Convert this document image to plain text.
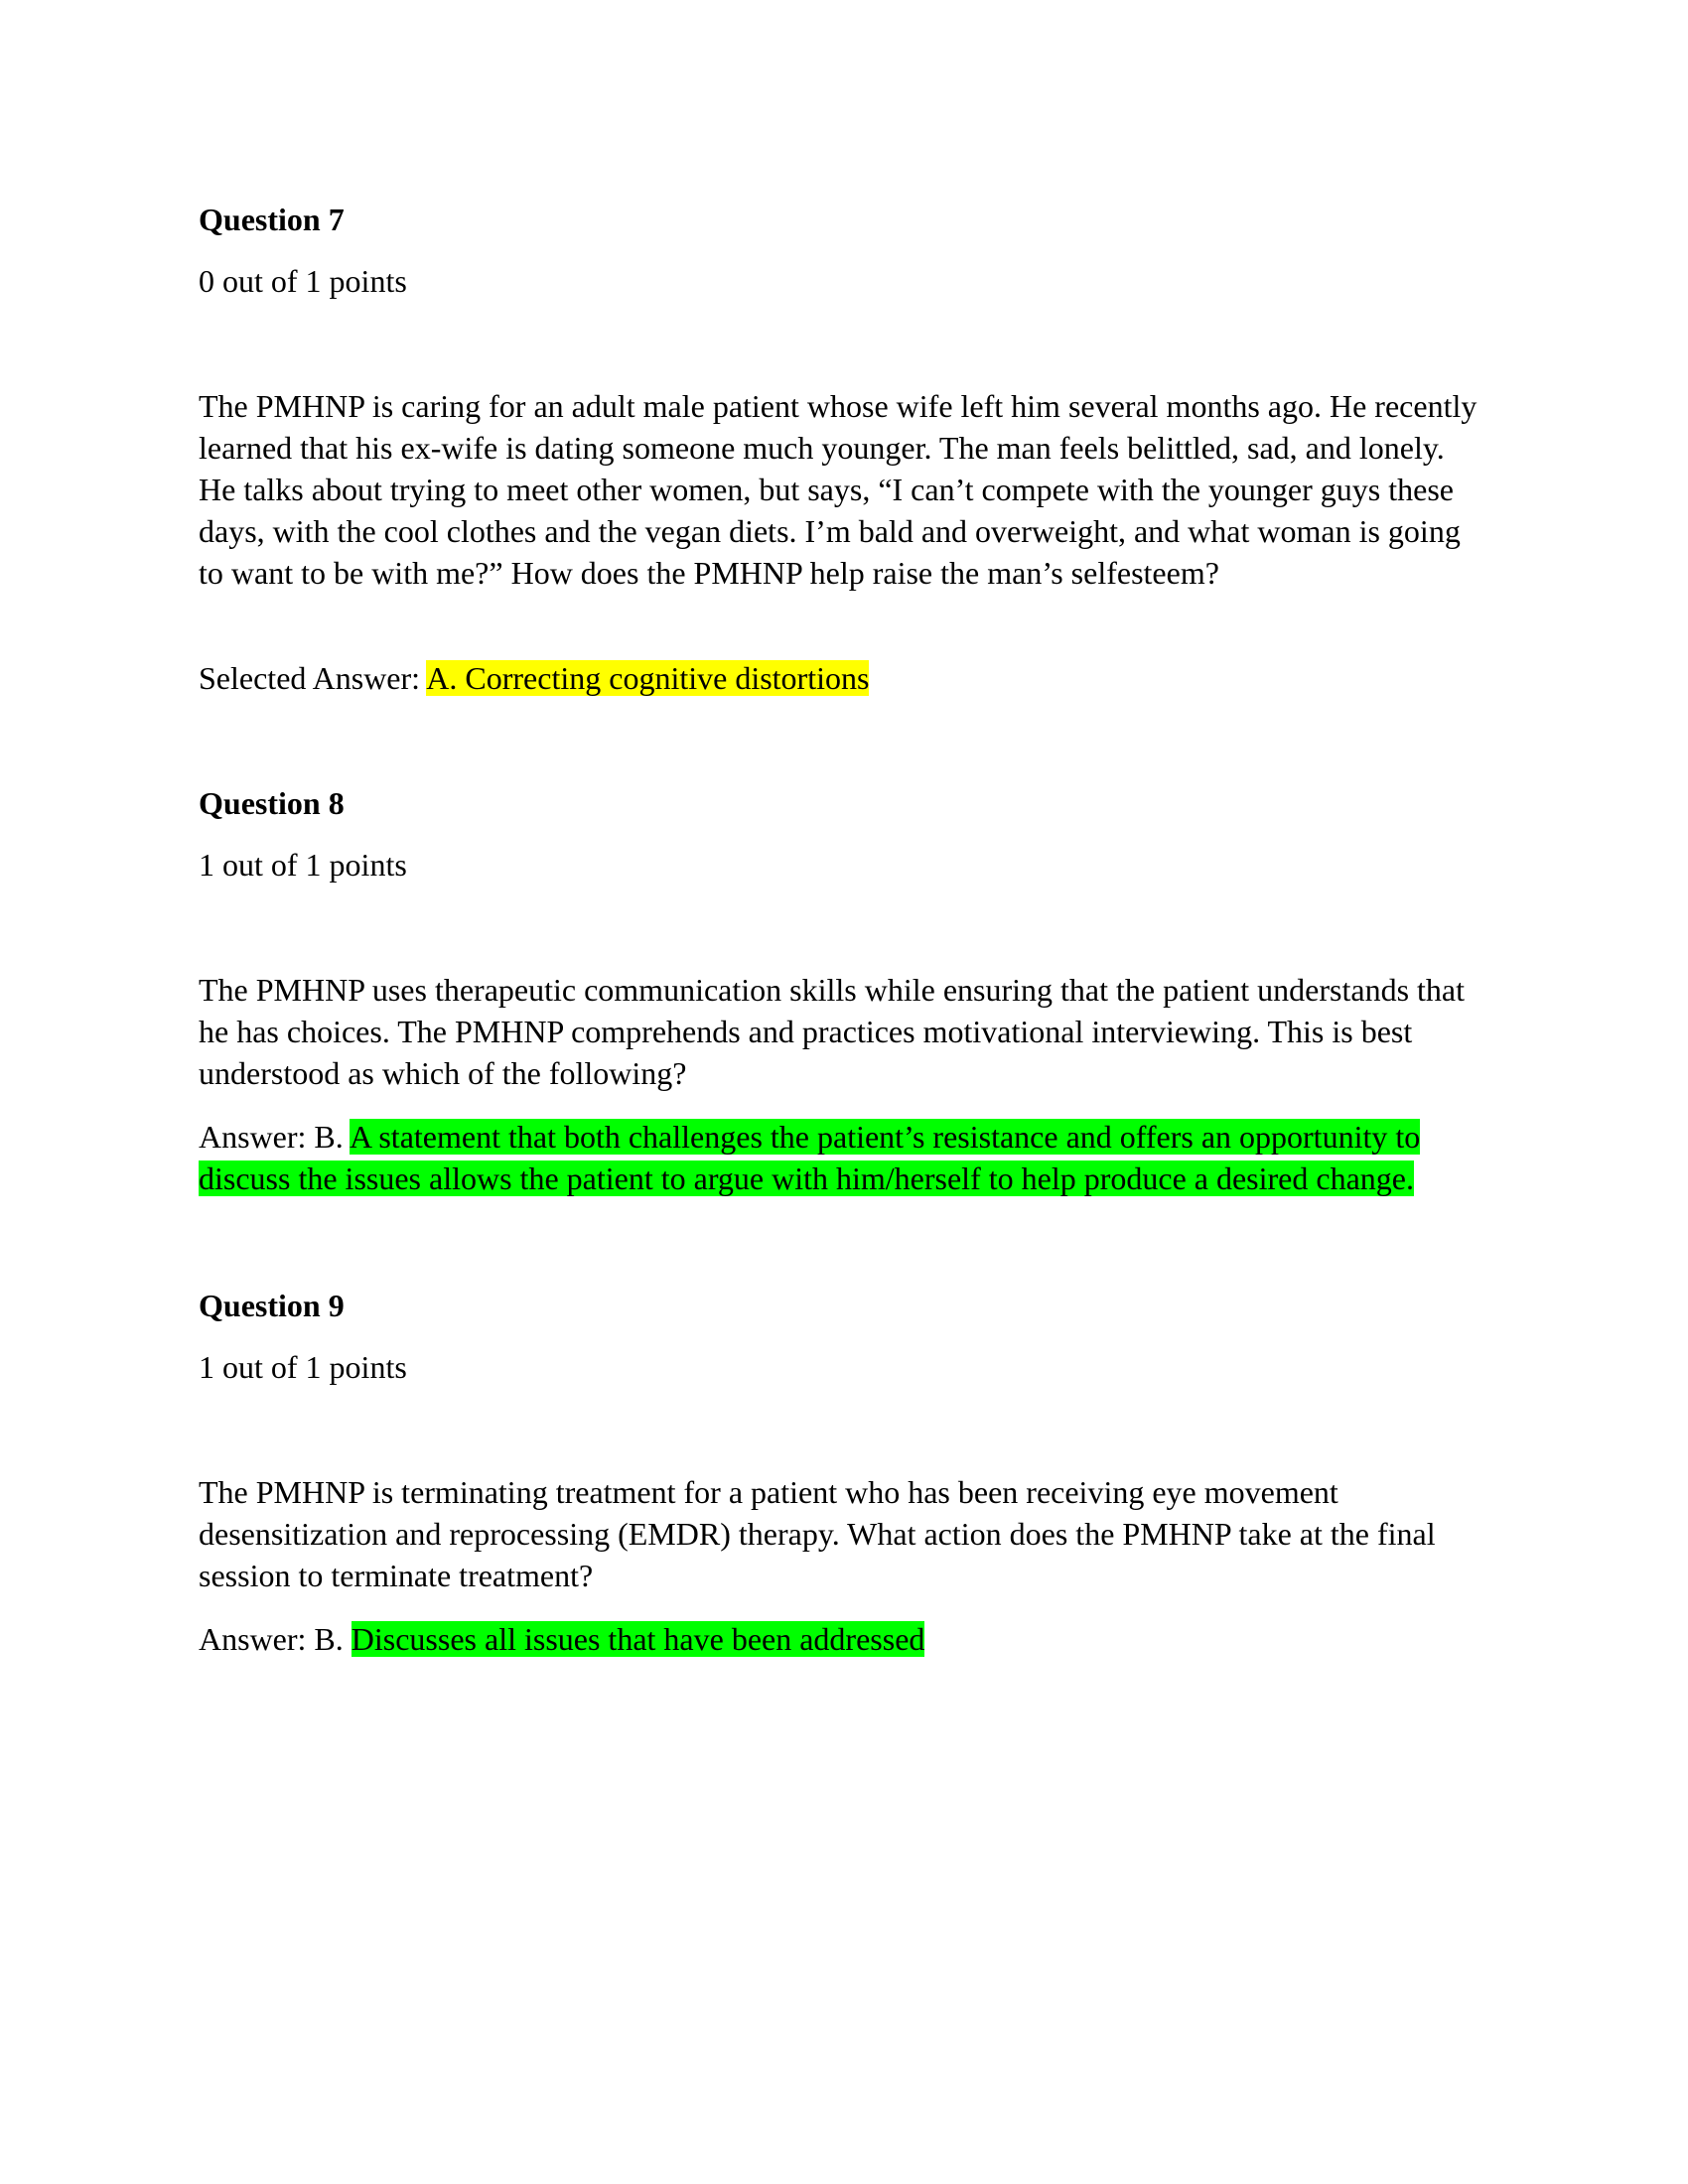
Question 7
0 out of 1 points
The PMHNP is caring for an adult male patient whose wife left him several months ago. He recently learned that his ex-wife is dating someone much younger. The man feels belittled, sad, and lonely. He talks about trying to meet other women, but says, “I can’t compete with the younger guys these days, with the cool clothes and the vegan diets. I’m bald and overweight, and what woman is going to want to be with me?” How does the PMHNP help raise the man’s selfesteem?
Selected Answer: A. Correcting cognitive distortions
Question 8
1 out of 1 points
The PMHNP uses therapeutic communication skills while ensuring that the patient understands that he has choices. The PMHNP comprehends and practices motivational interviewing. This is best understood as which of the following?
Answer: B. A statement that both challenges the patient’s resistance and offers an opportunity to discuss the issues allows the patient to argue with him/herself to help produce a desired change.
Question 9
1 out of 1 points
The PMHNP is terminating treatment for a patient who has been receiving eye movement desensitization and reprocessing (EMDR) therapy. What action does the PMHNP take at the final session to terminate treatment?
Answer: B. Discusses all issues that have been addressed
